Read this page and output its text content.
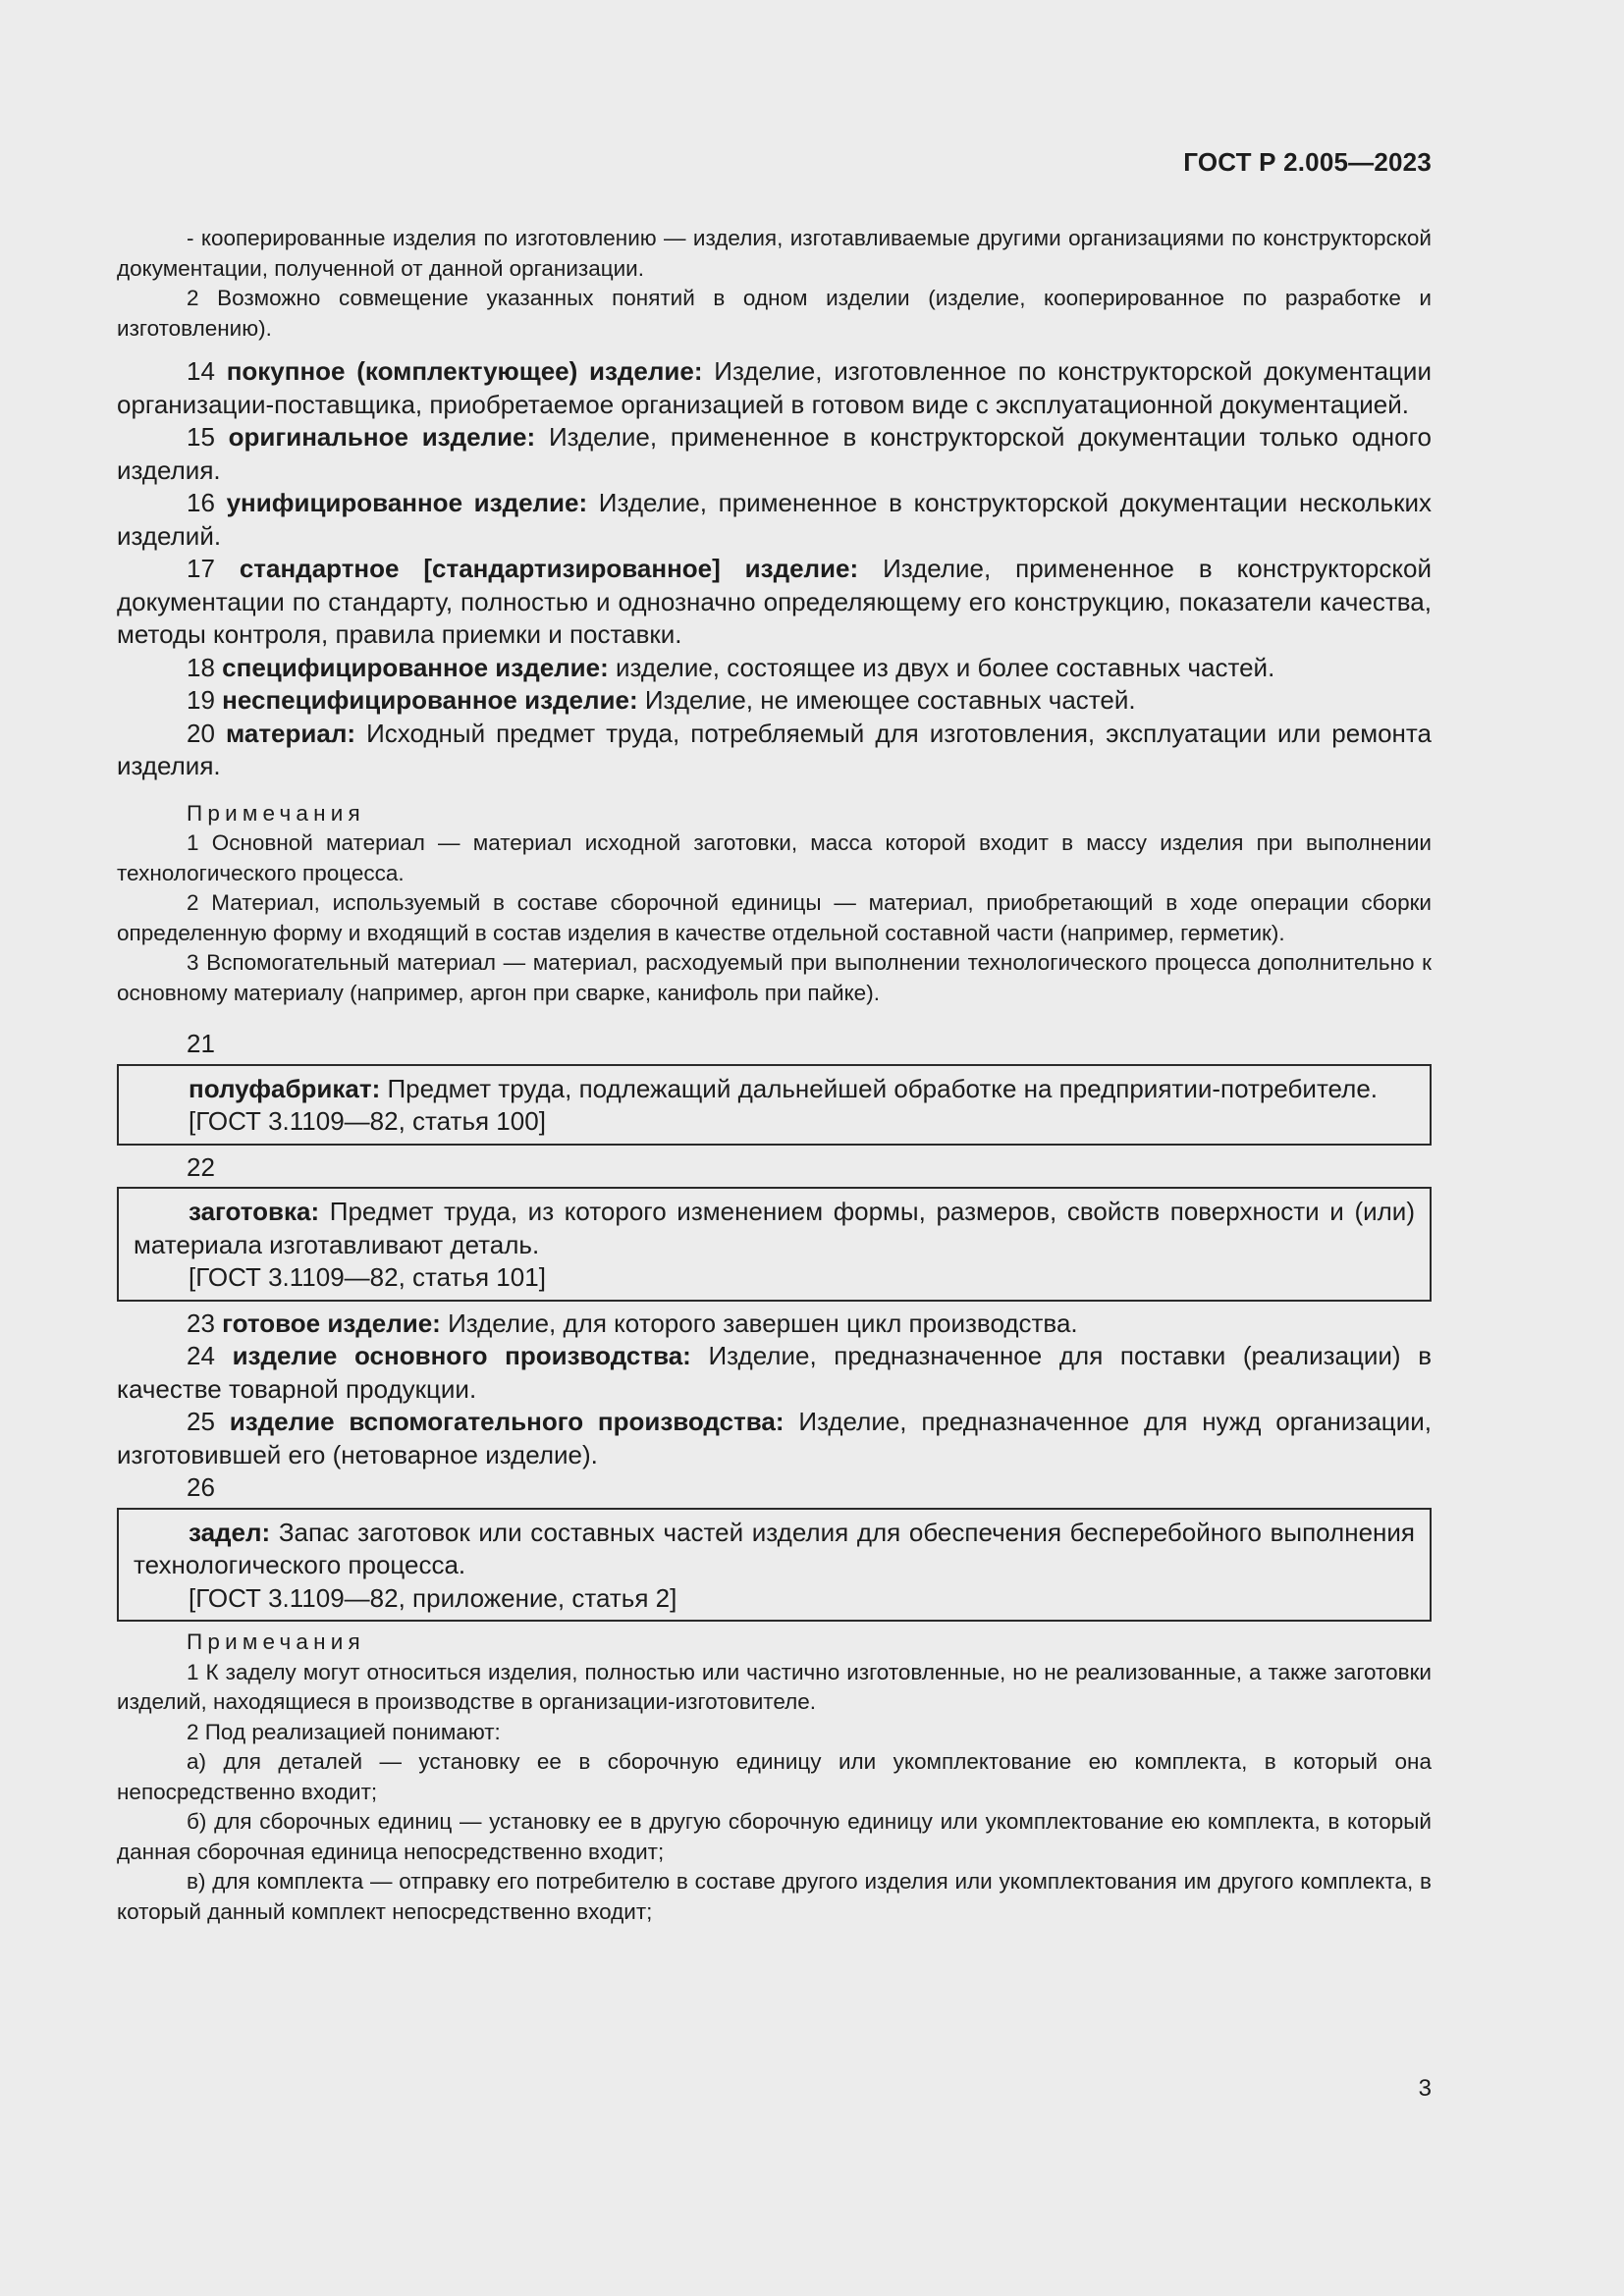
ГОСТ Р 2.005—2023

- кооперированные изделия по изготовлению — изделия, изготавливаемые другими организациями по конструкторской документации, полученной от данной организации.

2 Возможно совмещение указанных понятий в одном изделии (изделие, кооперированное по разработке и изготовлению).

14 покупное (комплектующее) изделие: Изделие, изготовленное по конструкторской документации организации-поставщика, приобретаемое организацией в готовом виде с эксплуатационной документацией.

15 оригинальное изделие: Изделие, примененное в конструкторской документации только одного изделия.

16 унифицированное изделие: Изделие, примененное в конструкторской документации нескольких изделий.

17 стандартное [стандартизированное] изделие: Изделие, примененное в конструкторской документации по стандарту, полностью и однозначно определяющему его конструкцию, показатели качества, методы контроля, правила приемки и поставки.

18 специфицированное изделие: изделие, состоящее из двух и более составных частей.

19 неспецифицированное изделие: Изделие, не имеющее составных частей.

20 материал: Исходный предмет труда, потребляемый для изготовления, эксплуатации или ремонта изделия.

Примечания

1 Основной материал — материал исходной заготовки, масса которой входит в массу изделия при выполнении технологического процесса.

2 Материал, используемый в составе сборочной единицы — материал, приобретающий в ходе операции сборки определенную форму и входящий в состав изделия в качестве отдельной составной части (например, герметик).

3 Вспомогательный материал — материал, расходуемый при выполнении технологического процесса дополнительно к основному материалу (например, аргон при сварке, канифоль при пайке).

21

полуфабрикат: Предмет труда, подлежащий дальнейшей обработке на предприятии-потребителе.

[ГОСТ 3.1109—82, статья 100]

22

заготовка: Предмет труда, из которого изменением формы, размеров, свойств поверхности и (или) материала изготавливают деталь.

[ГОСТ 3.1109—82, статья 101]

23 готовое изделие: Изделие, для которого завершен цикл производства.

24 изделие основного производства: Изделие, предназначенное для поставки (реализации) в качестве товарной продукции.

25 изделие вспомогательного производства: Изделие, предназначенное для нужд организации, изготовившей его (нетоварное изделие).

26

задел: Запас заготовок или составных частей изделия для обеспечения бесперебойного выполнения технологического процесса.

[ГОСТ 3.1109—82, приложение, статья 2]

Примечания

1 К заделу могут относиться изделия, полностью или частично изготовленные, но не реализованные, а также заготовки изделий, находящиеся в производстве в организации-изготовителе.

2 Под реализацией понимают:

а) для деталей — установку ее в сборочную единицу или укомплектование ею комплекта, в который она непосредственно входит;

б) для сборочных единиц — установку ее в другую сборочную единицу или укомплектование ею комплекта, в который данная сборочная единица непосредственно входит;

в) для комплекта — отправку его потребителю в составе другого изделия или укомплектования им другого комплекта, в который данный комплект непосредственно входит;

3
